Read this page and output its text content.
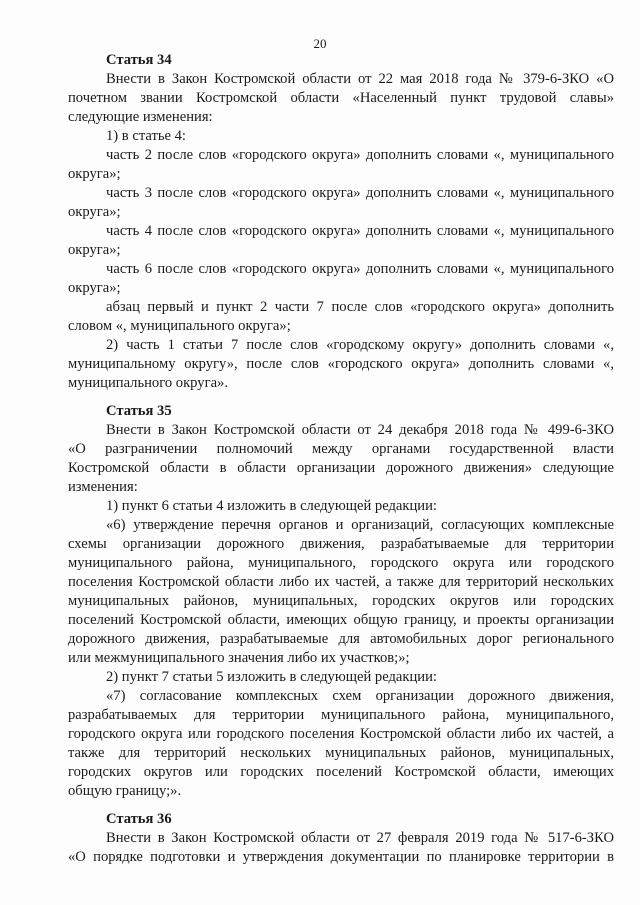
20
Статья 34
Внести в Закон Костромской области от 22 мая 2018 года № 379-6-ЗКО «О
почетном звании Костромской области «Населенный пункт трудовой славы»
следующие изменения:
1) в статье 4:
часть 2 после слов «городского округа» дополнить словами «, муниципального
округа»;
часть 3 после слов «городского округа» дополнить словами «, муниципального
округа»;
часть 4 после слов «городского округа» дополнить словами «, муниципального
округа»;
часть 6 после слов «городского округа» дополнить словами «, муниципального
округа»;
абзац первый и пункт 2 части 7 после слов «городского округа» дополнить
словом «, муниципального округа»;
2) часть 1 статьи 7 после слов «городскому округу» дополнить словами «,
муниципальному округу», после слов «городского округа» дополнить словами «,
муниципального округа».
Статья 35
Внести в Закон Костромской области от 24 декабря 2018 года № 499-6-ЗКО
«О разграничении полномочий между органами государственной власти
Костромской области в области организации дорожного движения» следующие
изменения:
1) пункт 6 статьи 4 изложить в следующей редакции:
«6) утверждение перечня органов и организаций, согласующих комплексные
схемы организации дорожного движения, разрабатываемые для территории
муниципального района, муниципального, городского округа или городского
поселения Костромской области либо их частей, а также для территорий нескольких
муниципальных районов, муниципальных, городских округов или городских
поселений Костромской области, имеющих общую границу, и проекты организации
дорожного движения, разрабатываемые для автомобильных дорог регионального
или межмуниципального значения либо их участков;»;
2) пункт 7 статьи 5 изложить в следующей редакции:
«7) согласование комплексных схем организации дорожного движения,
разрабатываемых для территории муниципального района, муниципального,
городского округа или городского поселения Костромской области либо их частей, а
также для территорий нескольких муниципальных районов, муниципальных,
городских округов или городских поселений Костромской области, имеющих
общую границу;».
Статья 36
Внести в Закон Костромской области от 27 февраля 2019 года № 517-6-ЗКО
«О порядке подготовки и утверждения документации по планировке территории в
